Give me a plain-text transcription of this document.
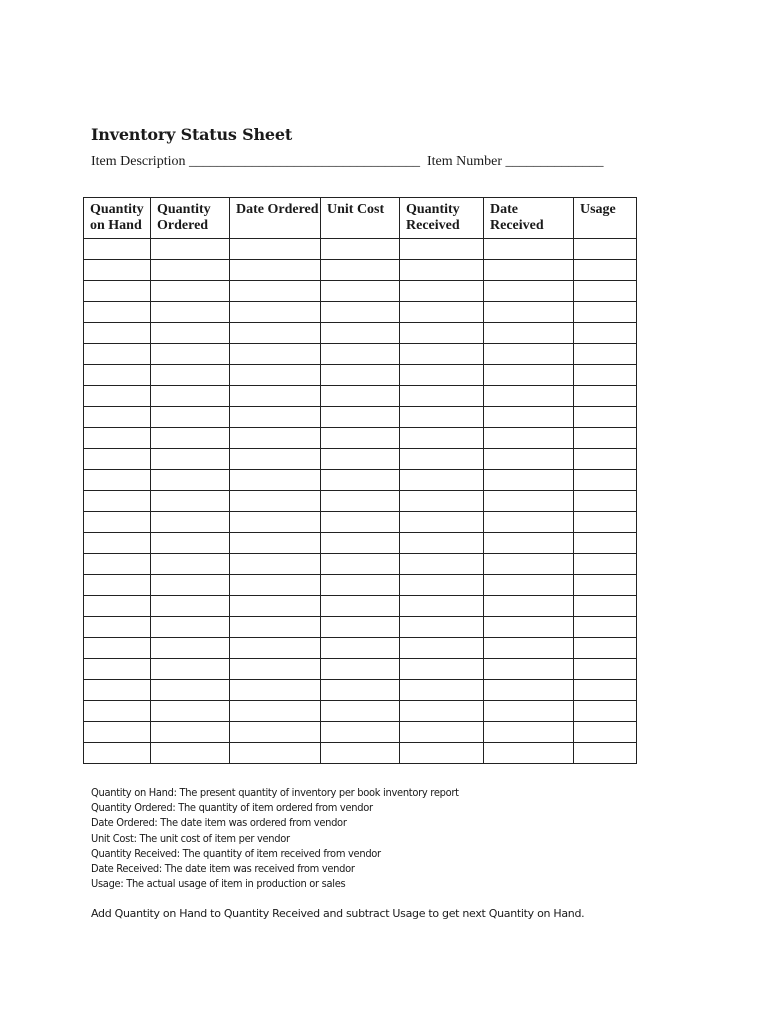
Inventory Status Sheet
Item Description _________________________________  Item Number ______________
Quantity on Hand	Quantity Ordered	Date Ordered	Unit Cost	Quantity Received	Date Received	Usage

Quantity on Hand: The present quantity of inventory per book inventory report
Quantity Ordered: The quantity of item ordered from vendor
Date Ordered: The date item was ordered from vendor
Unit Cost: The unit cost of item per vendor
Quantity Received: The quantity of item received from vendor
Date Received: The date item was received from vendor
Usage: The actual usage of item in production or sales
Add Quantity on Hand to Quantity Received and subtract Usage to get next Quantity on Hand.
